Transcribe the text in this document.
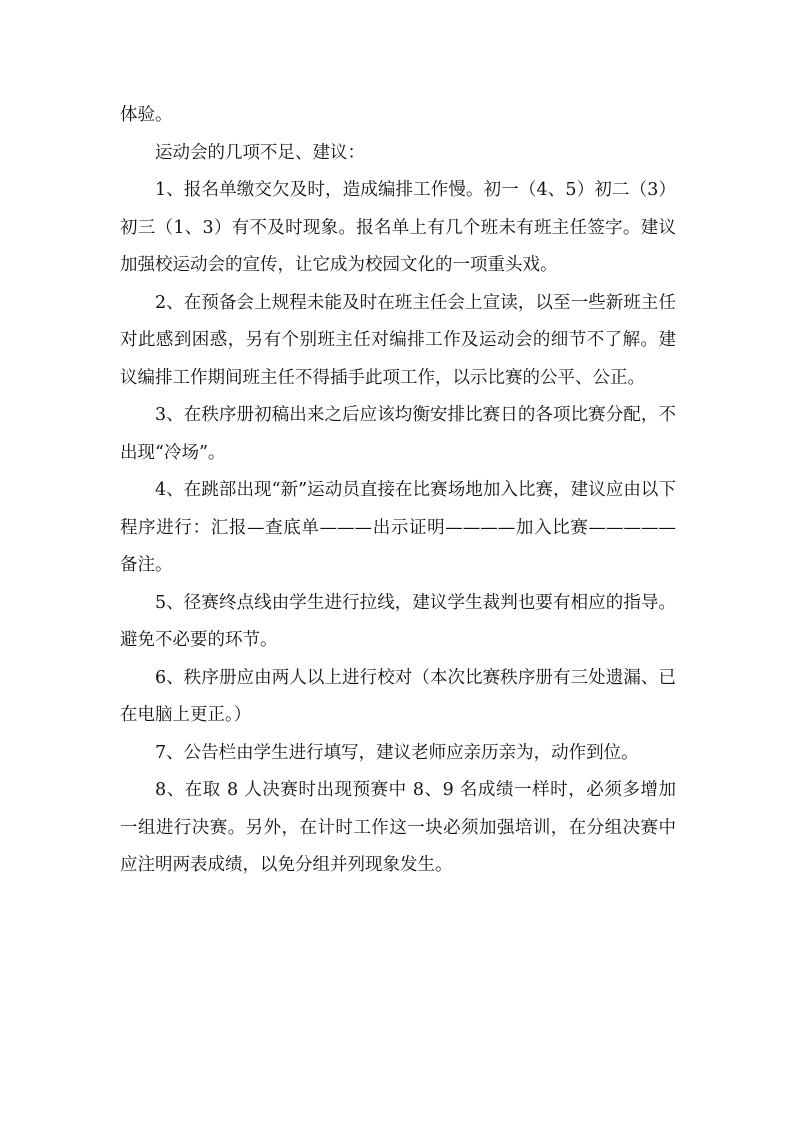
体验。

运动会的几项不足、建议：

1、报名单缴交欠及时，造成编排工作慢。初一（4、5）初二（3）初三（1、3）有不及时现象。报名单上有几个班未有班主任签字。建议加强校运动会的宣传，让它成为校园文化的一项重头戏。

2、在预备会上规程未能及时在班主任会上宣读，以至一些新班主任对此感到困惑，另有个别班主任对编排工作及运动会的细节不了解。建议编排工作期间班主任不得插手此项工作，以示比赛的公平、公正。

3、在秩序册初稿出来之后应该均衡安排比赛日的各项比赛分配，不出现“冷场”。

4、在跳部出现“新”运动员直接在比赛场地加入比赛，建议应由以下程序进行：汇报—查底单———出示证明————加入比赛—————备注。

5、径赛终点线由学生进行拉线，建议学生裁判也要有相应的指导。避免不必要的环节。

6、秩序册应由两人以上进行校对（本次比赛秩序册有三处遗漏、已在电脑上更正。）

7、公告栏由学生进行填写，建议老师应亲历亲为，动作到位。

8、在取 8 人决赛时出现预赛中 8、9 名成绩一样时，必须多增加一组进行决赛。另外，在计时工作这一块必须加强培训，在分组决赛中应注明两表成绩，以免分组并列现象发生。
